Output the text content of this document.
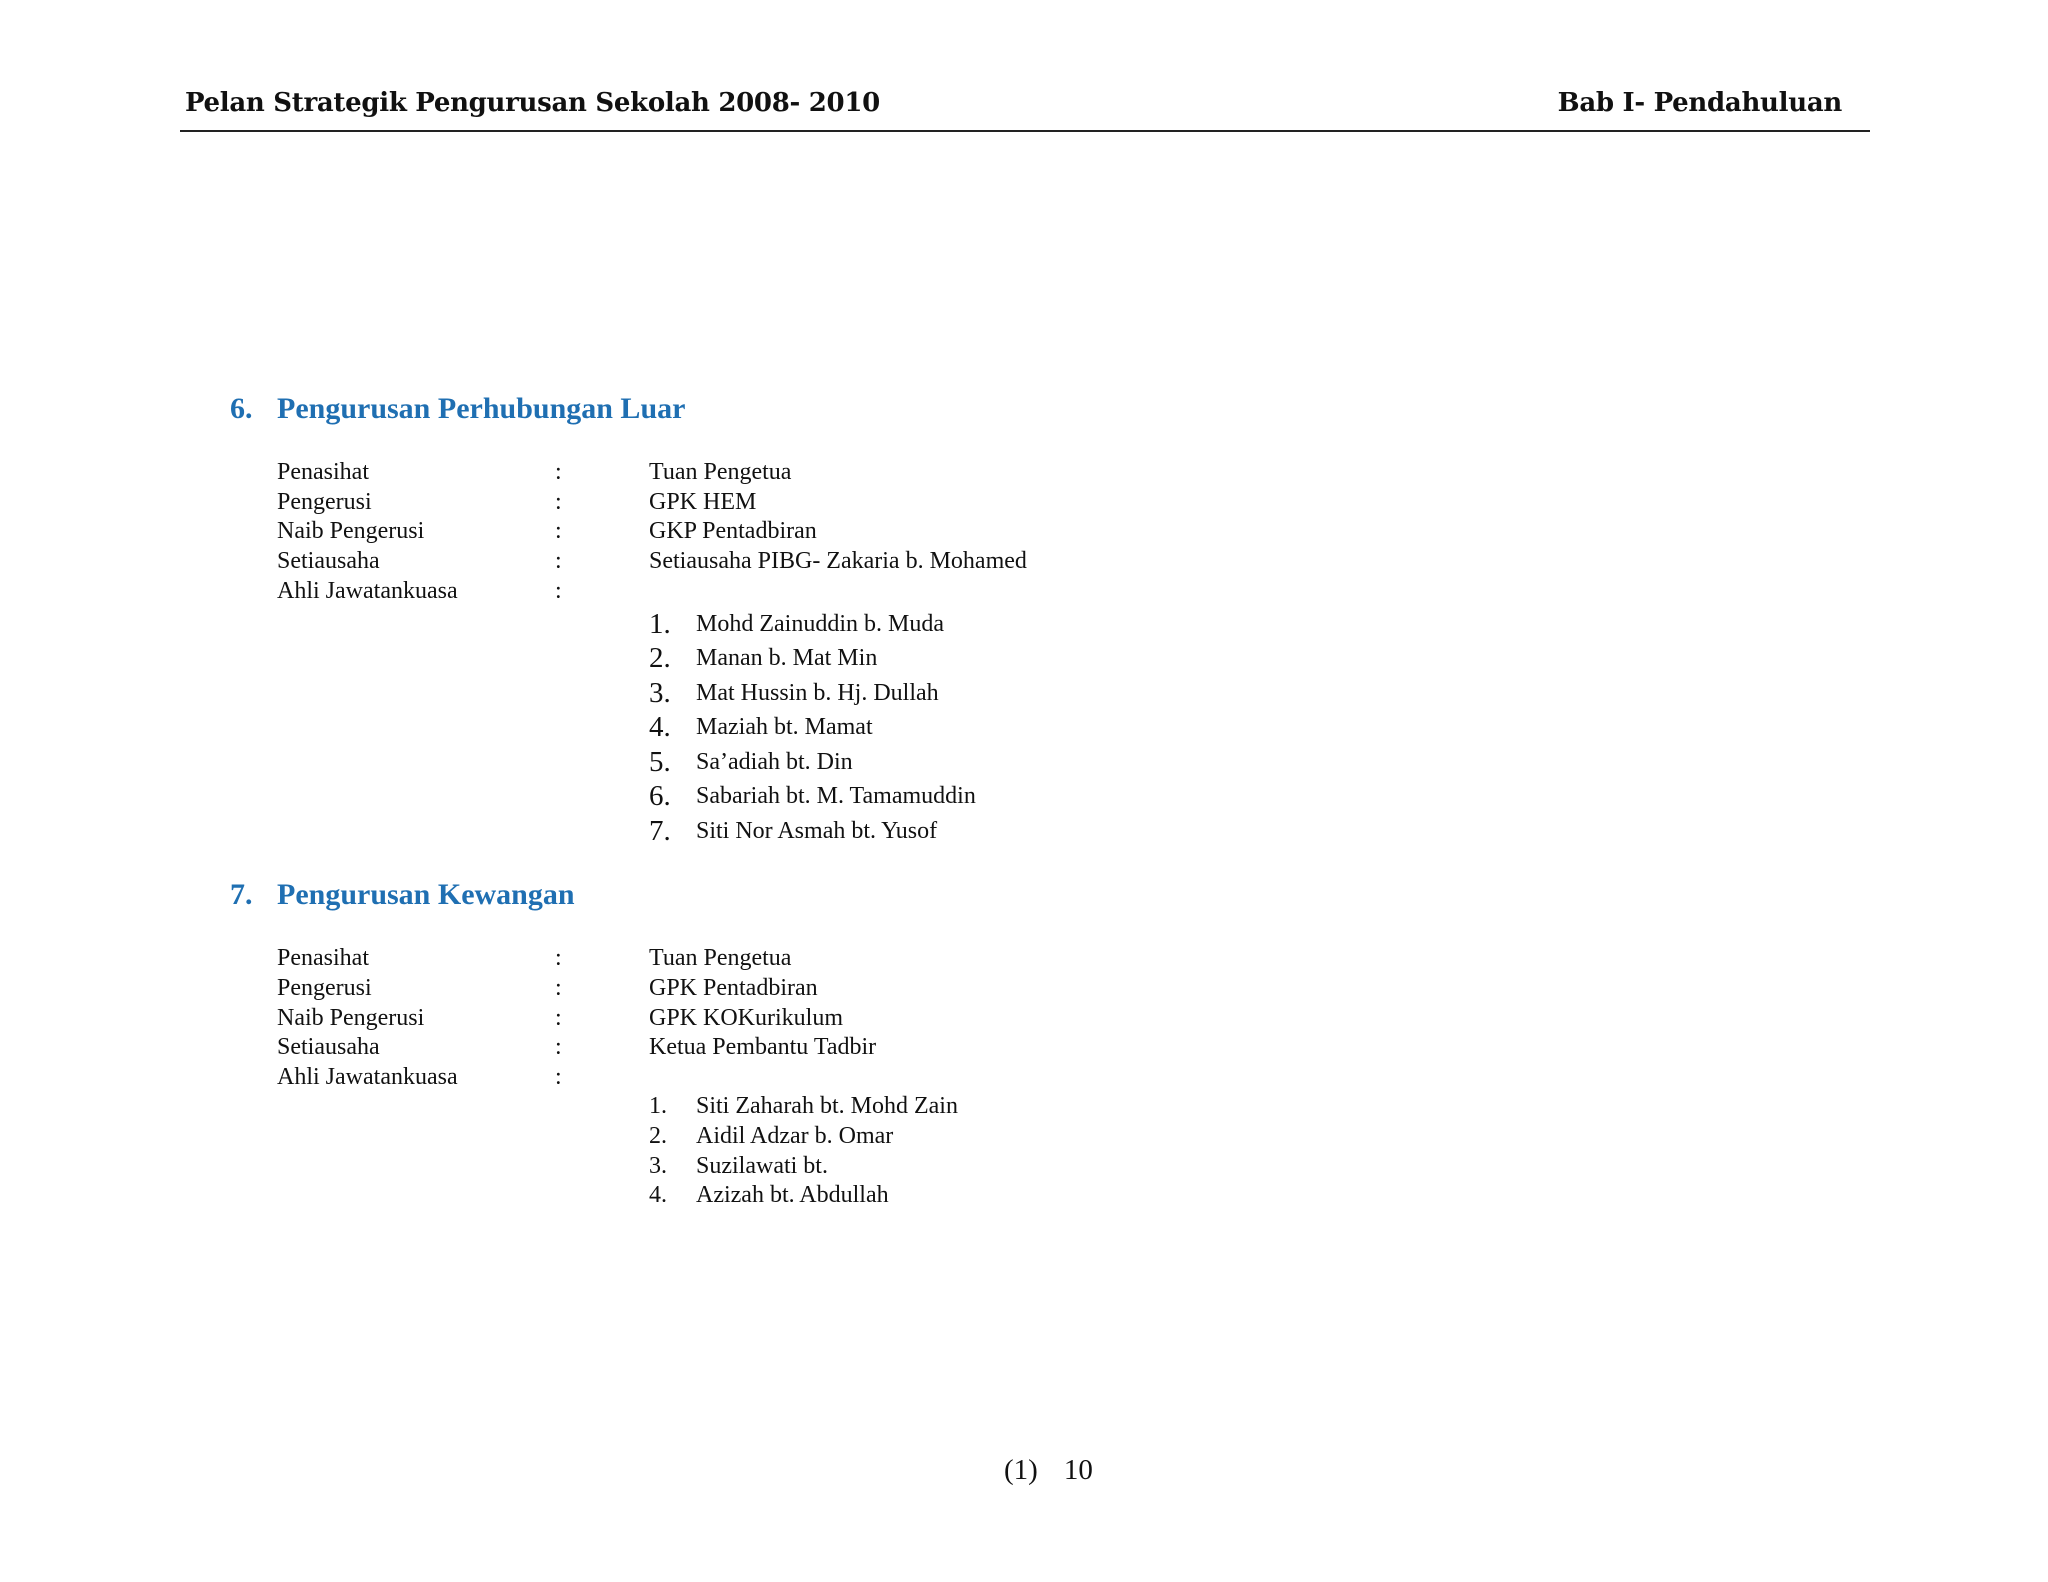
Pelan Strategik Pengurusan Sekolah 2008- 2010	Bab I- Pendahuluan
6. Pengurusan Perhubungan Luar
Penasihat	:	Tuan Pengetua
Pengerusi	:	GPK HEM
Naib Pengerusi	:	GKP Pentadbiran
Setiausaha	:	Setiausaha PIBG- Zakaria b. Mohamed
Ahli Jawatankuasa	:
1. Mohd Zainuddin b. Muda
2. Manan b. Mat Min
3. Mat Hussin b. Hj. Dullah
4. Maziah bt. Mamat
5. Sa’adiah bt. Din
6. Sabariah bt. M. Tamamuddin
7. Siti Nor Asmah bt. Yusof
7. Pengurusan Kewangan
Penasihat	:	Tuan Pengetua
Pengerusi	:	GPK Pentadbiran
Naib Pengerusi	:	GPK KOKurikulum
Setiausaha	:	Ketua Pembantu Tadbir
Ahli Jawatankuasa	:
1. Siti Zaharah bt. Mohd Zain
2. Aidil Adzar b. Omar
3. Suzilawati bt.
4. Azizah bt. Abdullah
(1) 10
